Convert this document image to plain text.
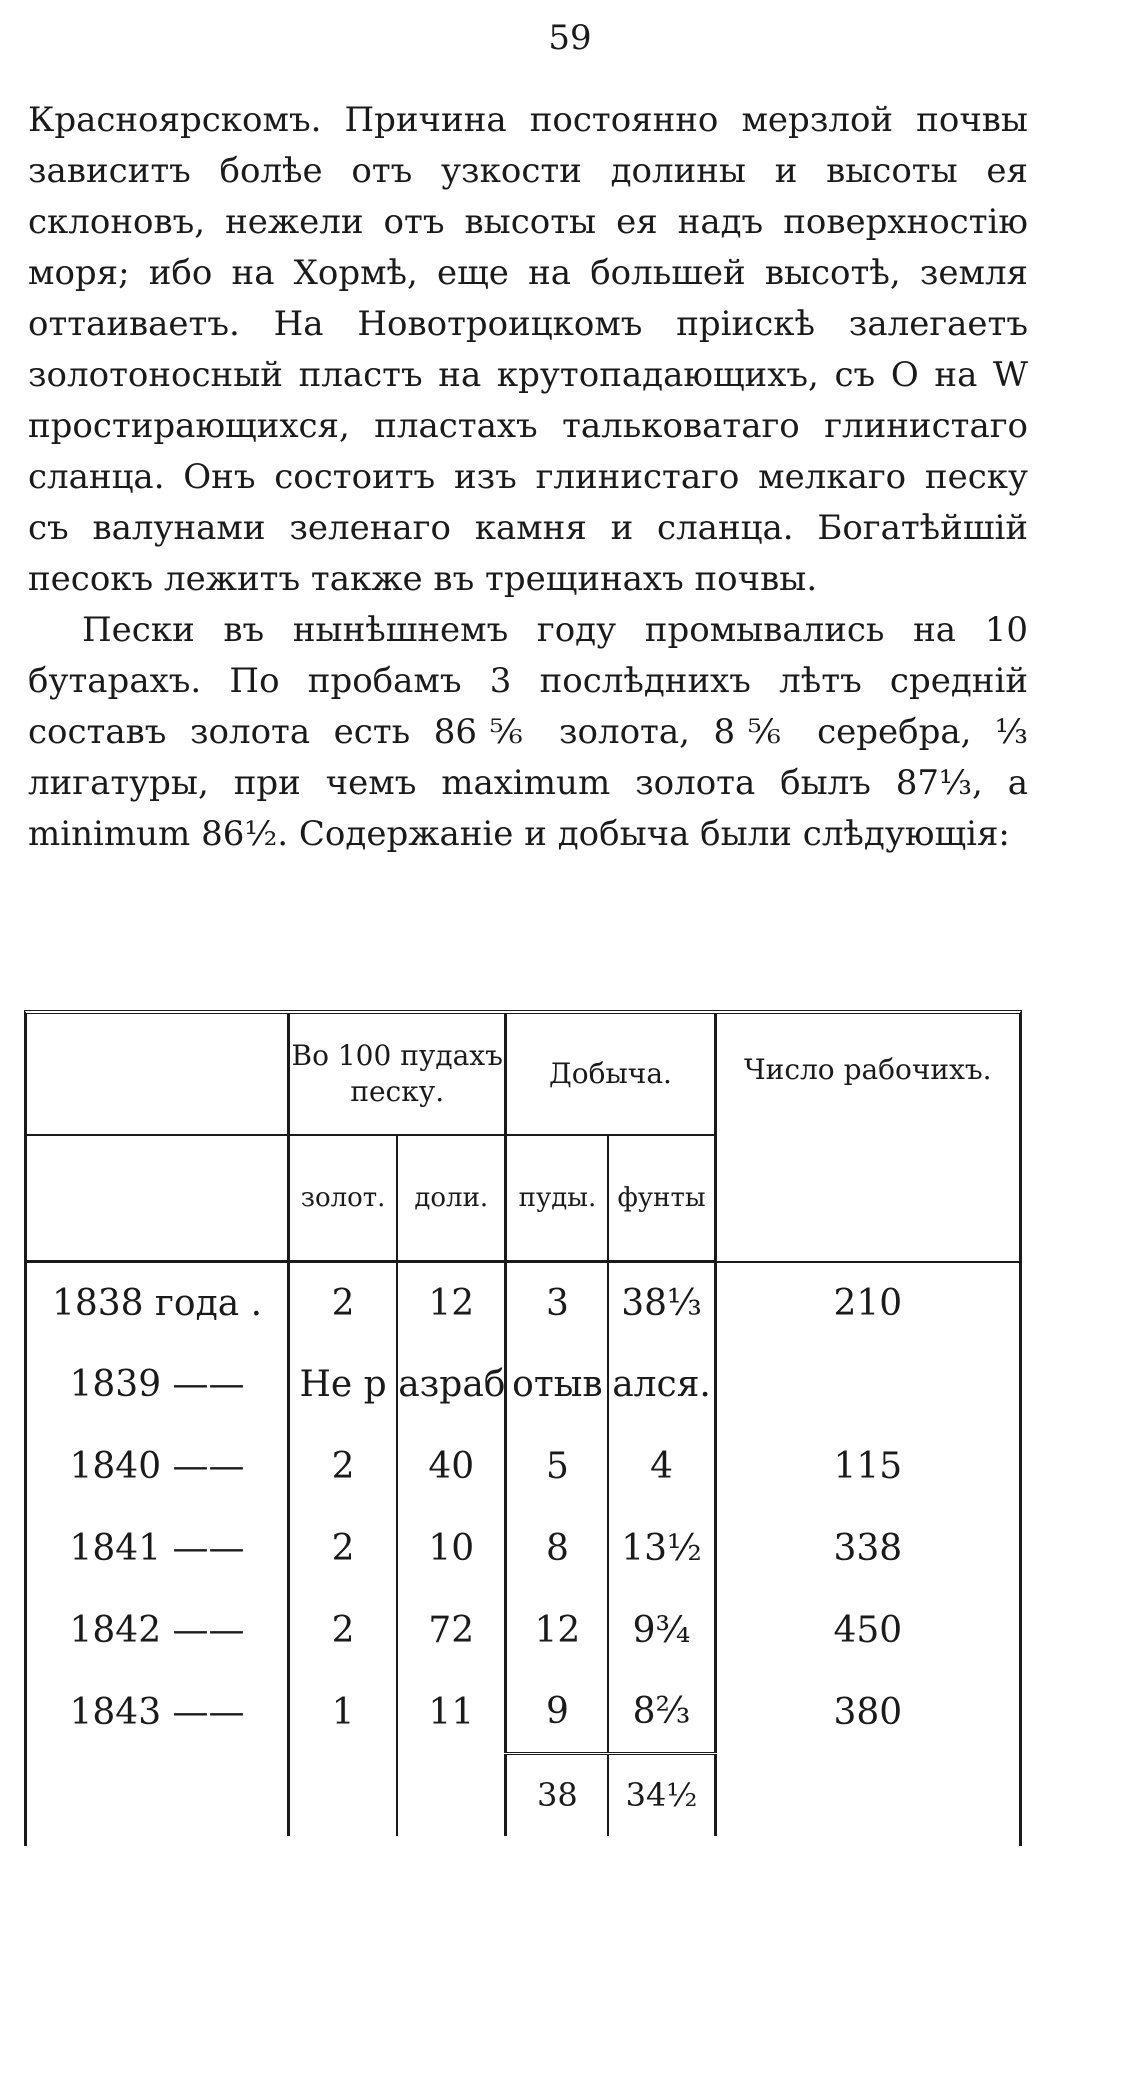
59

Красноярскомъ. Причина постоянно мерзлой почвы зависитъ болѣе отъ узкости долины и высоты ея склоновъ, нежели отъ высоты ея надъ поверхностію моря; ибо на Хормѣ, еще на большей высотѣ, земля оттаиваетъ. На Новотроицкомъ пріискѣ залегаетъ золотоносный пластъ на крутопадающихъ, съ O на W простирающихся, пластахъ тальковатаго глинистаго сланца. Онъ состоитъ изъ глинистаго мелкаго песку съ валунами зеленаго камня и сланца. Богатѣйшій песокъ лежитъ также въ трещинахъ почвы.

Пески въ нынѣшнемъ году промывались на 10 бутарахъ. По пробамъ 3 послѣднихъ лѣтъ средній составъ золота есть 86⅚ золота, 8⅚ серебра, ⅓ лигатуры, при чемъ maximum золота былъ 87⅓, а minimum 86½. Содержаніе и добыча были слѣдующія:

	Во 100 пудахъ песку.		Добыча.		Число рабочихъ.
	золот.	доли.	пуды.	фунты	
1838 года .	2	12	3	38⅓	210
1839 ——	Не р	азраб	отыв	ался.	
1840 ——	2	40	5	4	115
1841 ——	2	10	8	13½	338
1842 ——	2	72	12	9¾	450
1843 ——	1	11	9	8⅔	380
			38	34½	
